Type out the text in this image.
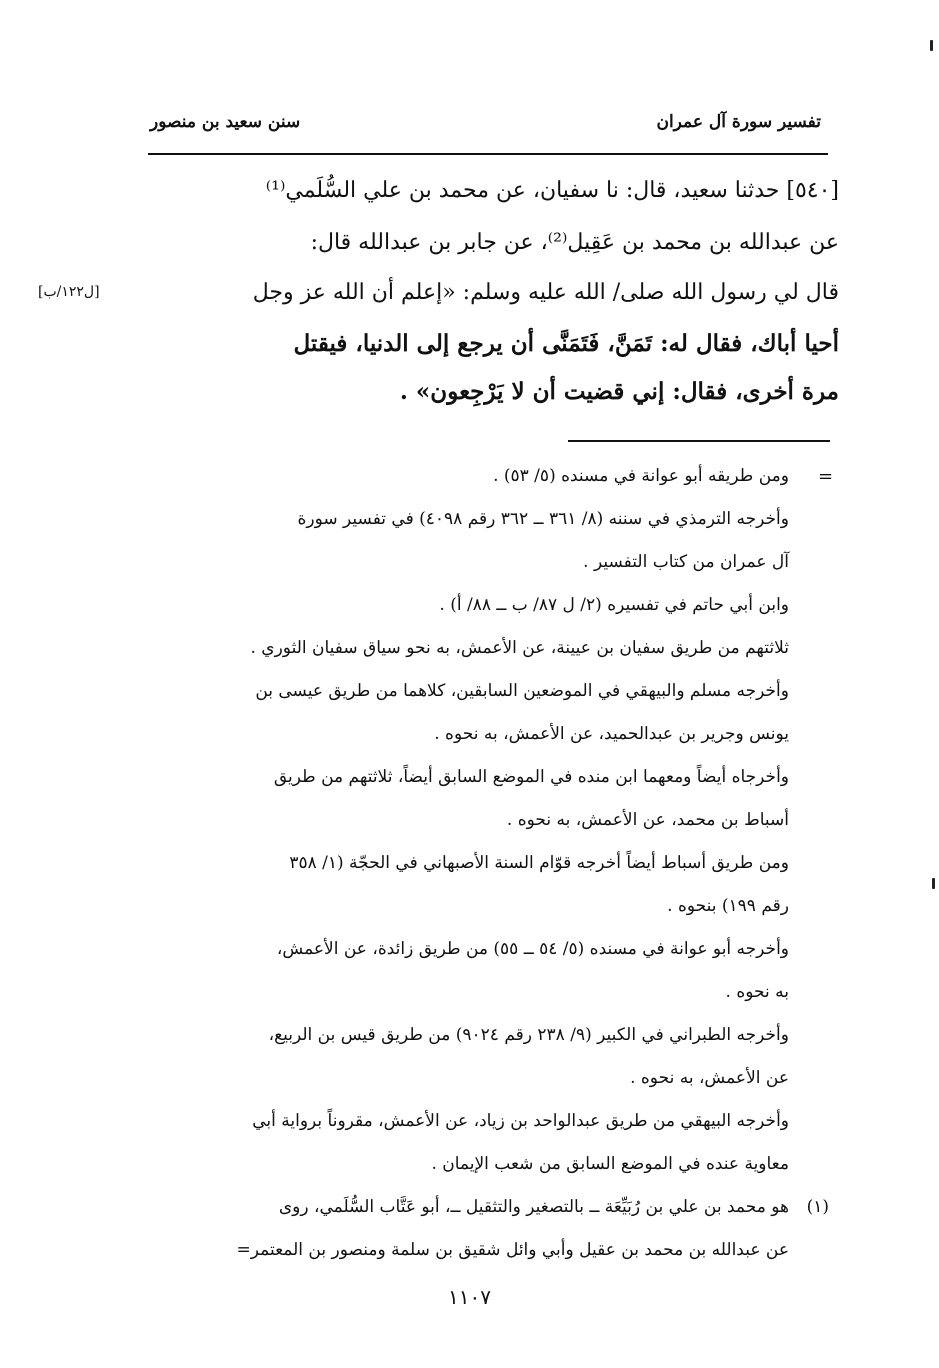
تفسير سورة آل عمران
سنن سعيد بن منصور
[٥٤٠] حدثنا سعيد، قال: نا سفيان، عن محمد بن علي السُّلَمي⁽¹⁾
عن عبدالله بن محمد بن عَقِيل⁽²⁾، عن جابر بن عبدالله قال:
قال لي رسول الله صلى/ الله عليه وسلم: «إعلم أن الله عز وجل
أحيا أباك، فقال له: تَمَنَّ، فَتَمَنَّى أن يرجع إلى الدنيا، فيقتل
مرة أخرى، فقال: إني قضيت أن لا يَرْجِعون» .
[ل١٢٢/ب]
=
ومن طريقه أبو عوانة في مسنده (٥/ ٥٣) .
وأخرجه الترمذي في سننه (٨/ ٣٦١ ــ ٣٦٢ رقم ٤٠٩٨) في تفسير سورة
آل عمران من كتاب التفسير .
وابن أبي حاتم في تفسيره (٢/ ل ٨٧/ ب ــ ٨٨/ أ) .
ثلاثتهم من طريق سفيان بن عيينة، عن الأعمش، به نحو سياق سفيان الثوري .
وأخرجه مسلم والبيهقي في الموضعين السابقين، كلاهما من طريق عيسى بن
يونس وجرير بن عبدالحميد، عن الأعمش، به نحوه .
وأخرجاه أيضاً ومعهما ابن منده في الموضع السابق أيضاً، ثلاثتهم من طريق
أسباط بن محمد، عن الأعمش، به نحوه .
ومن طريق أسباط أيضاً أخرجه قوّام السنة الأصبهاني في الحجّة (١/ ٣٥٨
رقم ١٩٩) بنحوه .
وأخرجه أبو عوانة في مسنده (٥/ ٥٤ ــ ٥٥) من طريق زائدة، عن الأعمش،
به نحوه .
وأخرجه الطبراني في الكبير (٩/ ٢٣٨ رقم ٩٠٢٤) من طريق قيس بن الربيع،
عن الأعمش، به نحوه .
وأخرجه البيهقي من طريق عبدالواحد بن زياد، عن الأعمش، مقروناً برواية أبي
معاوية عنده في الموضع السابق من شعب الإيمان .
(١)
هو محمد بن علي بن رُبَيِّعَة ــ بالتصغير والتثقيل ــ، أبو عَتَّاب السُّلَمي، روى
عن عبدالله بن محمد بن عقيل وأبي وائل شقيق بن سلمة ومنصور بن المعتمر=
١١٠٧
